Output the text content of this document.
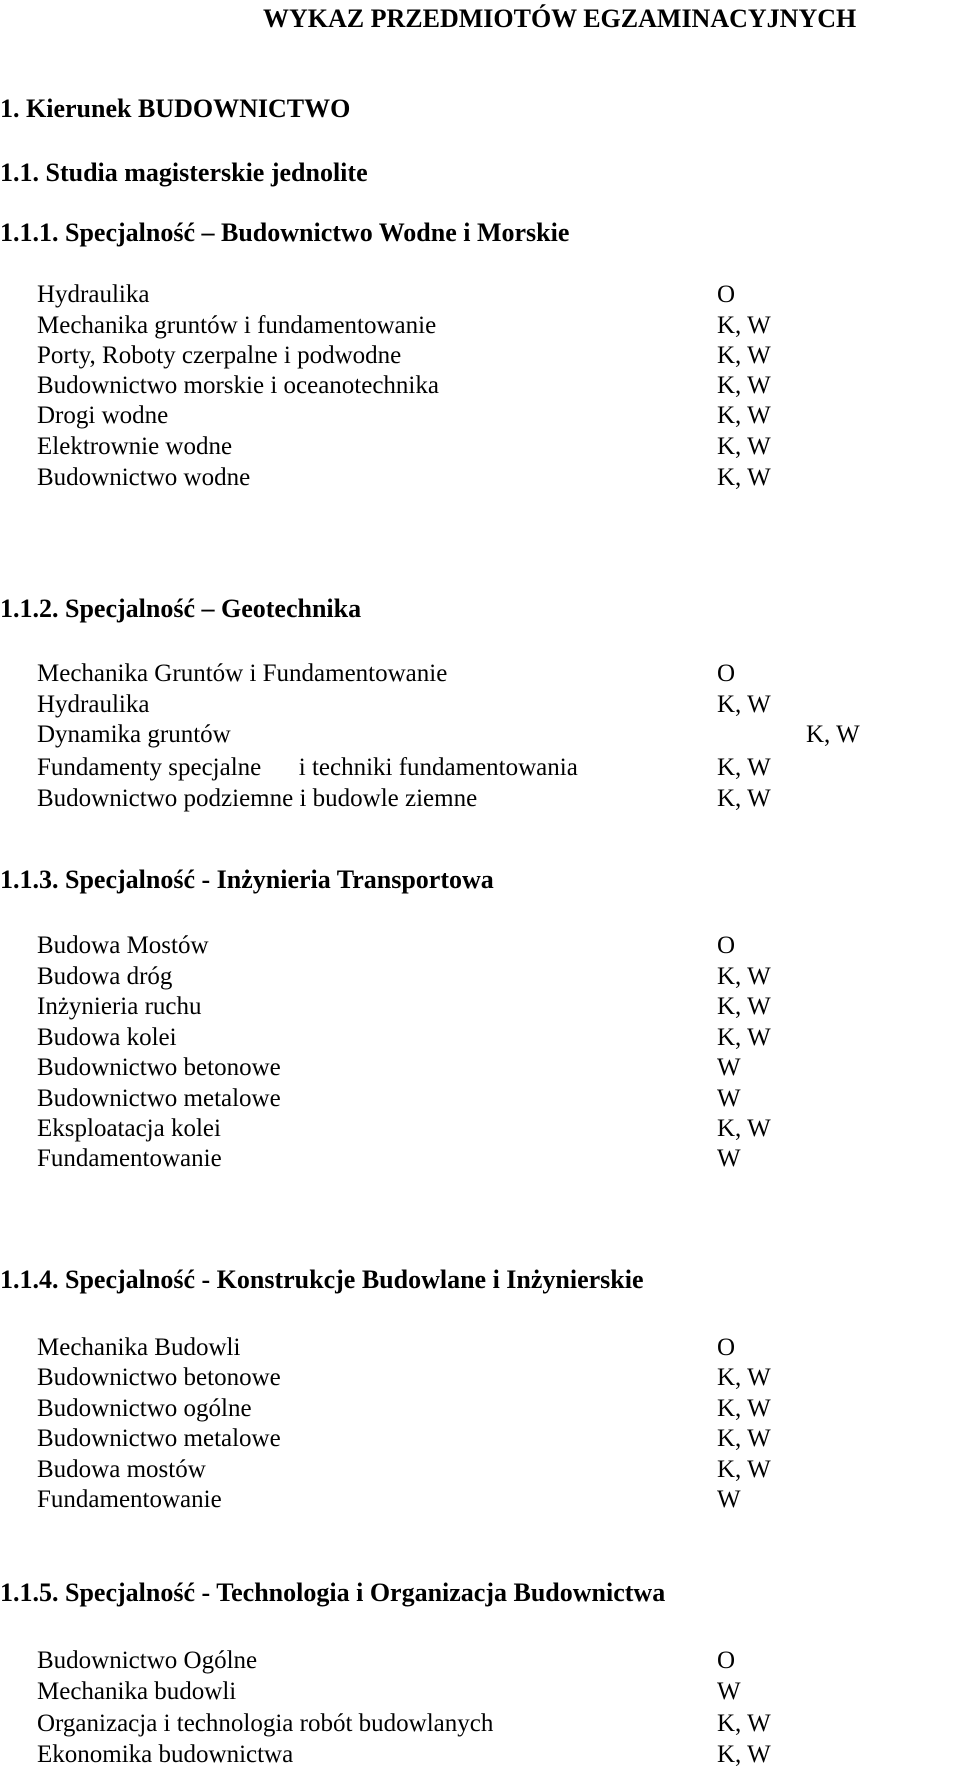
WYKAZ PRZEDMIOTÓW EGZAMINACYJNYCH
1. Kierunek BUDOWNICTWO
1.1. Studia magisterskie jednolite
1.1.1. Specjalność – Budownictwo Wodne i Morskie
Hydraulika	O
Mechanika gruntów i fundamentowanie	K, W
Porty, Roboty czerpalne i podwodne	K, W
Budownictwo morskie i oceanotechnika	K, W
Drogi wodne	K, W
Elektrownie wodne	K, W
Budownictwo wodne	K, W
1.1.2. Specjalność – Geotechnika
Mechanika Gruntów i Fundamentowanie	O
Hydraulika	K, W
Dynamika gruntów	K, W
Fundamenty specjalne      i techniki fundamentowania	K, W
Budownictwo podziemne i budowle ziemne	K, W
1.1.3. Specjalność - Inżynieria Transportowa
Budowa Mostów	O
Budowa dróg	K, W
Inżynieria ruchu	K, W
Budowa kolei	K, W
Budownictwo betonowe	W
Budownictwo metalowe	W
Eksploatacja kolei	K, W
Fundamentowanie	W
1.1.4. Specjalność - Konstrukcje Budowlane i Inżynierskie
Mechanika Budowli	O
Budownictwo betonowe	K, W
Budownictwo ogólne	K, W
Budownictwo metalowe	K, W
Budowa mostów	K, W
Fundamentowanie	W
1.1.5. Specjalność - Technologia i Organizacja Budownictwa
Budownictwo Ogólne	O
Mechanika budowli	W
Organizacja i technologia robót budowlanych	K, W
Ekonomika budownictwa	K, W
